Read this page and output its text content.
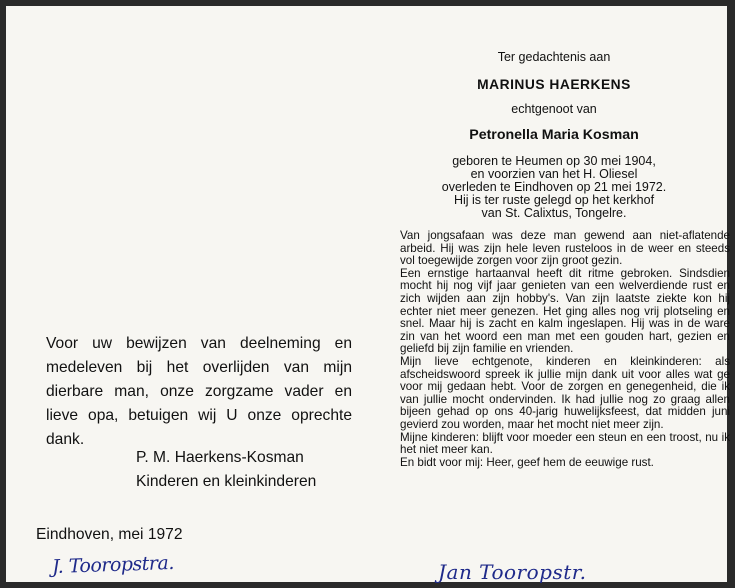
Voor uw bewijzen van deelneming en medeleven bij het overlijden van mijn dierbare man, onze zorgzame vader en lieve opa, betuigen wij U onze oprechte dank.
P. M. Haerkens-Kosman
Kinderen en kleinkinderen
Eindhoven, mei 1972
J. Tooropstra.
Ter gedachtenis aan
MARINUS HAERKENS
echtgenoot van
Petronella Maria Kosman
geboren te Heumen op 30 mei 1904,
en voorzien van het H. Oliesel
overleden te Eindhoven op 21 mei 1972.
Hij is ter ruste gelegd op het kerkhof
van St. Calixtus, Tongelre.

Van jongsafaan was deze man gewend aan niet-aflatende arbeid. Hij was zijn hele leven rusteloos in de weer en steeds vol toegewijde zorgen voor zijn groot gezin.

Een ernstige hartaanval heeft dit ritme gebroken. Sindsdien mocht hij nog vijf jaar genieten van een welverdiende rust en zich wijden aan zijn hobby's. Van zijn laatste ziekte kon hij echter niet meer genezen. Het ging alles nog vrij plotseling en snel. Maar hij is zacht en kalm ingeslapen. Hij was in de ware zin van het woord een man met een gouden hart, gezien en geliefd bij zijn familie en vrienden.

Mijn lieve echtgenote, kinderen en kleinkinderen: als afscheidswoord spreek ik jullie mijn dank uit voor alles wat ge voor mij gedaan hebt. Voor de zorgen en genegenheid, die ik van jullie mocht ondervinden. Ik had jullie nog zo graag allen bijeen gehad op ons 40-jarig huwelijksfeest, dat midden juni gevierd zou worden, maar het mocht niet meer zijn.

Mijne kinderen: blijft voor moeder een steun en een troost, nu ik het niet meer kan.

En bidt voor mij: Heer, geef hem de eeuwige rust.

Jan Tooropstr.
